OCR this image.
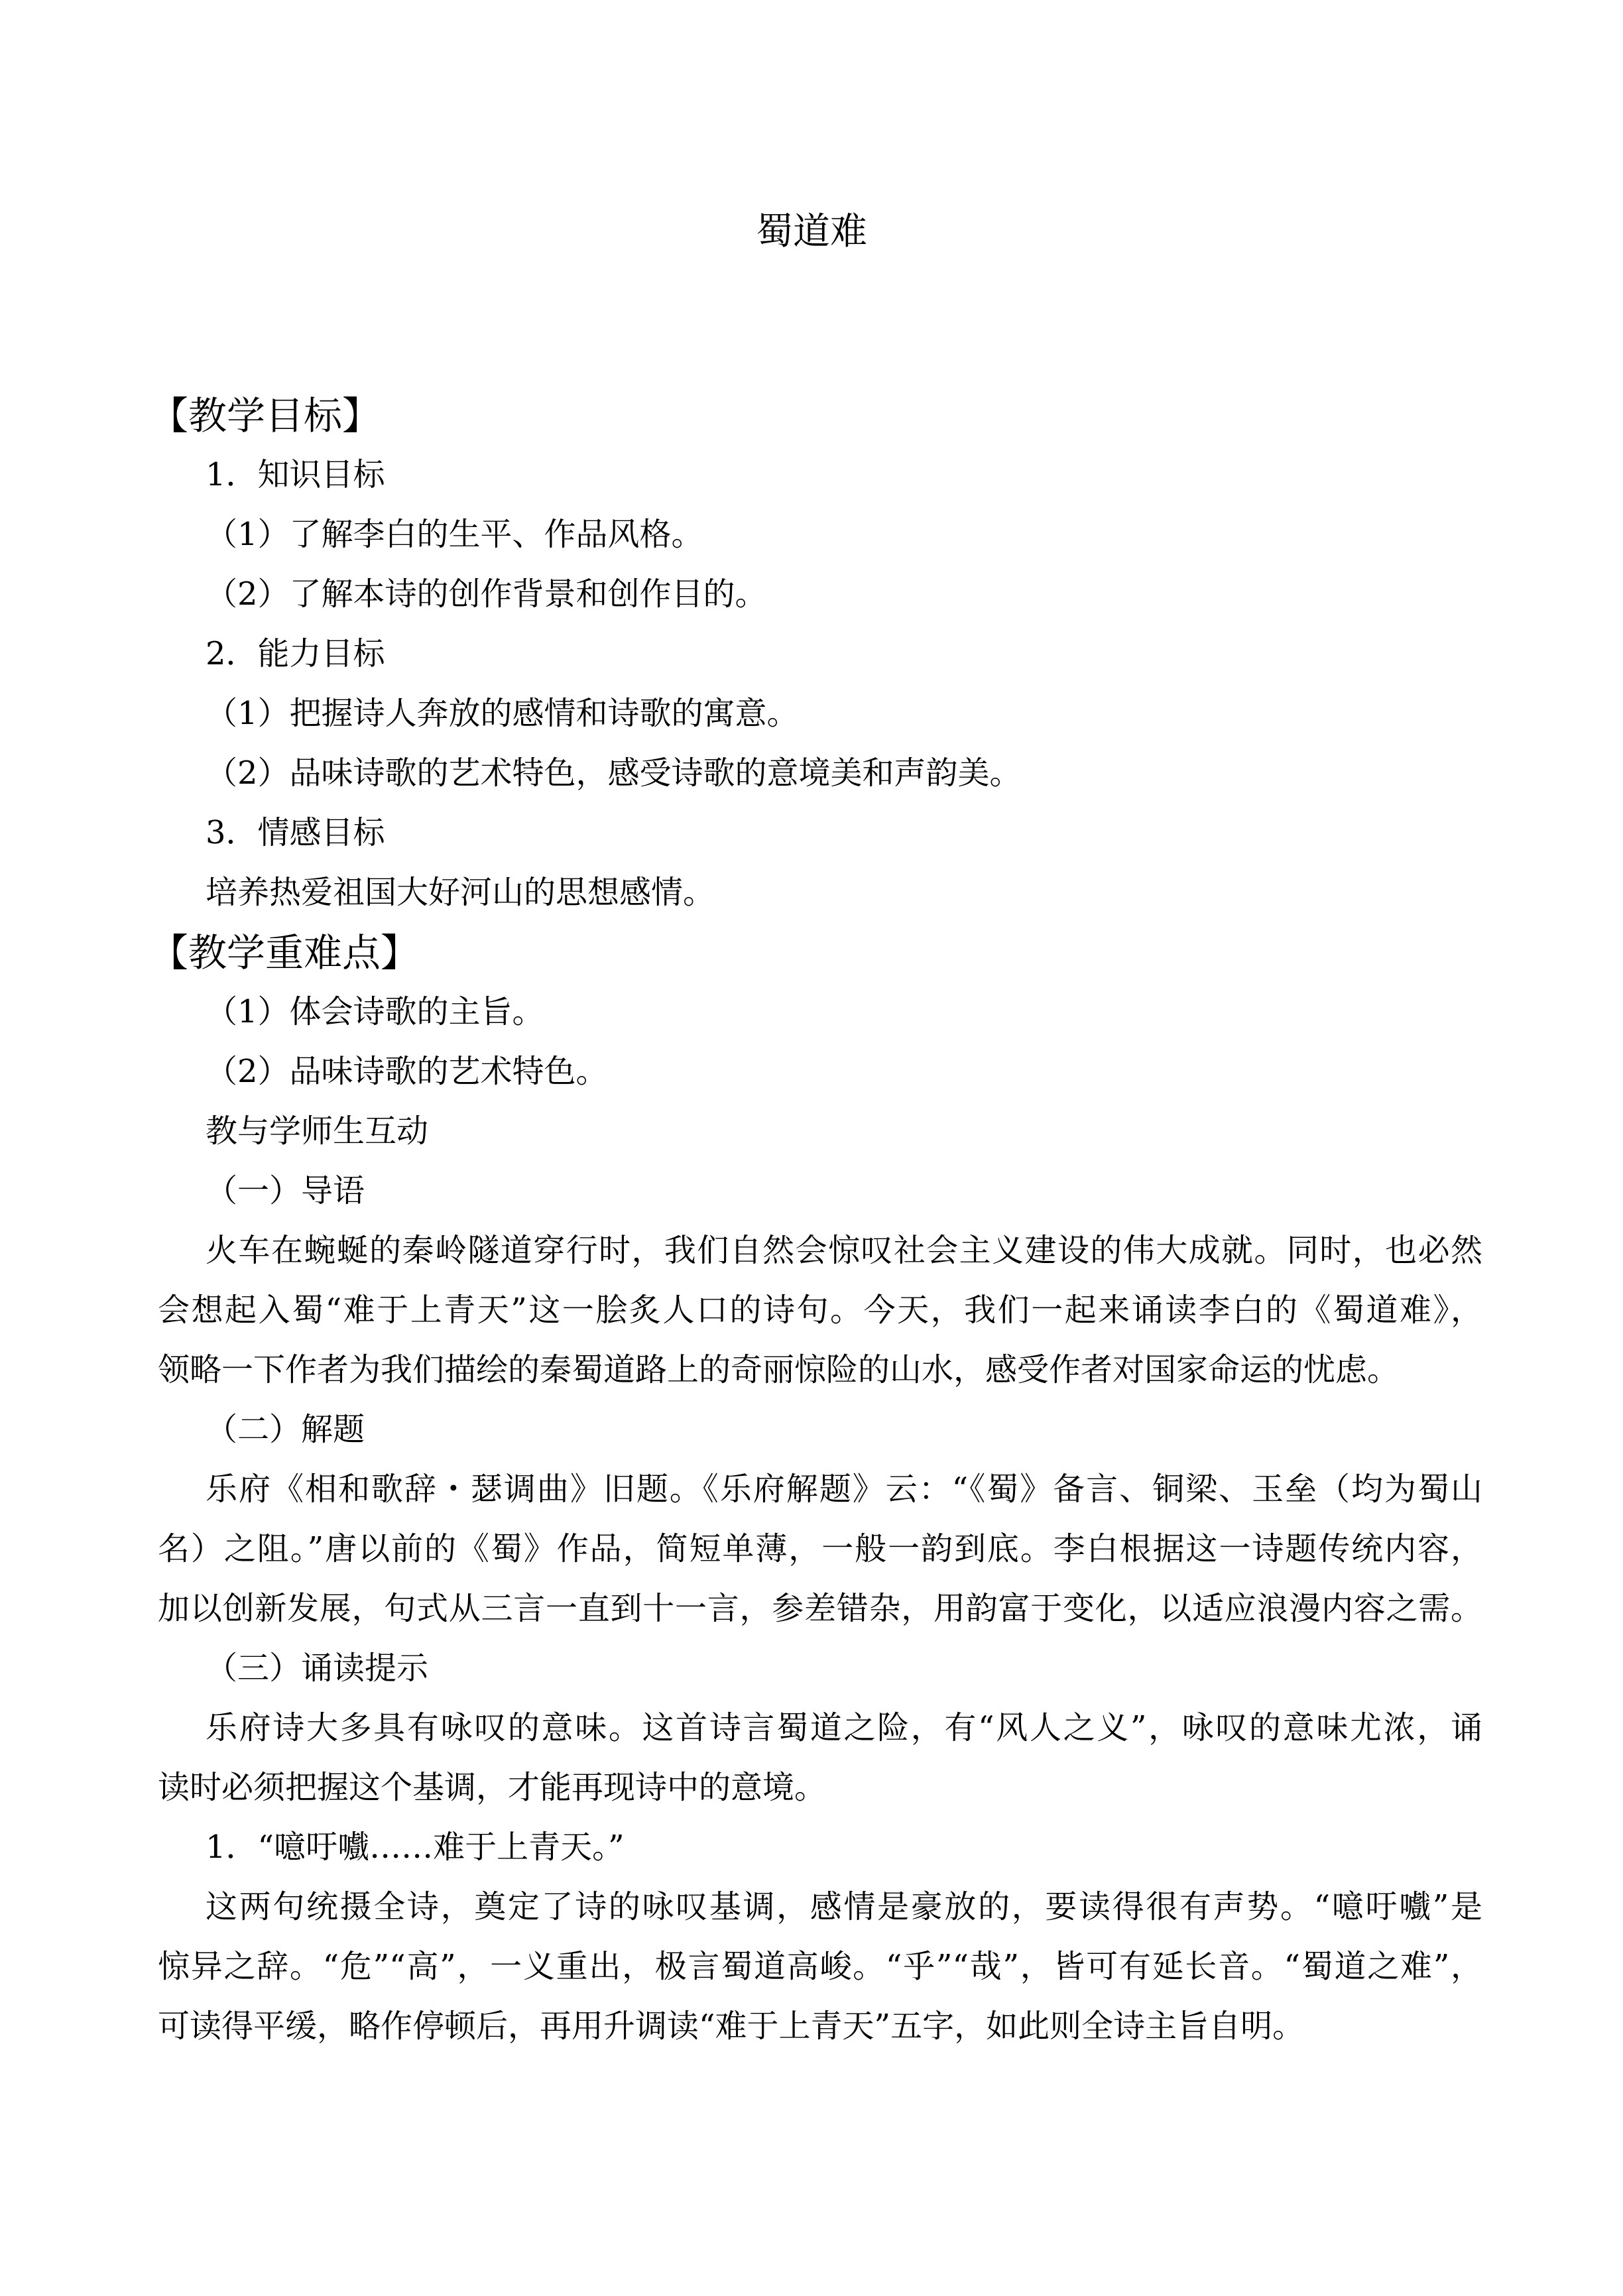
蜀道难
【教学目标】
1．知识目标
（1）了解李白的生平、作品风格。
（2）了解本诗的创作背景和创作目的。
2．能力目标
（1）把握诗人奔放的感情和诗歌的寓意。
（2）品味诗歌的艺术特色，感受诗歌的意境美和声韵美。
3．情感目标
培养热爱祖国大好河山的思想感情。
【教学重难点】
（1）体会诗歌的主旨。
（2）品味诗歌的艺术特色。
教与学师生互动
（一）导语
火车在蜿蜒的秦岭隧道穿行时，我们自然会惊叹社会主义建设的伟大成就。同时，也必然
会想起入蜀“难于上青天”这一脍炙人口的诗句。今天，我们一起来诵读李白的《蜀道难》，
领略一下作者为我们描绘的秦蜀道路上的奇丽惊险的山水，感受作者对国家命运的忧虑。
（二）解题
乐府《相和歌辞・瑟调曲》旧题。《乐府解题》云：“《蜀》备言、铜梁、玉垒（均为蜀山
名）之阻。”唐以前的《蜀》作品，简短单薄，一般一韵到底。李白根据这一诗题传统内容，
加以创新发展，句式从三言一直到十一言，参差错杂，用韵富于变化，以适应浪漫内容之需。
（三）诵读提示
乐府诗大多具有咏叹的意味。这首诗言蜀道之险，有“风人之义”，咏叹的意味尤浓，诵
读时必须把握这个基调，才能再现诗中的意境。
1．“噫吁嚱……难于上青天。”
这两句统摄全诗，奠定了诗的咏叹基调，感情是豪放的，要读得很有声势。“噫吁嚱”是
惊异之辞。“危”“高”，一义重出，极言蜀道高峻。“乎”“哉”，皆可有延长音。“蜀道之难”，
可读得平缓，略作停顿后，再用升调读“难于上青天”五字，如此则全诗主旨自明。
